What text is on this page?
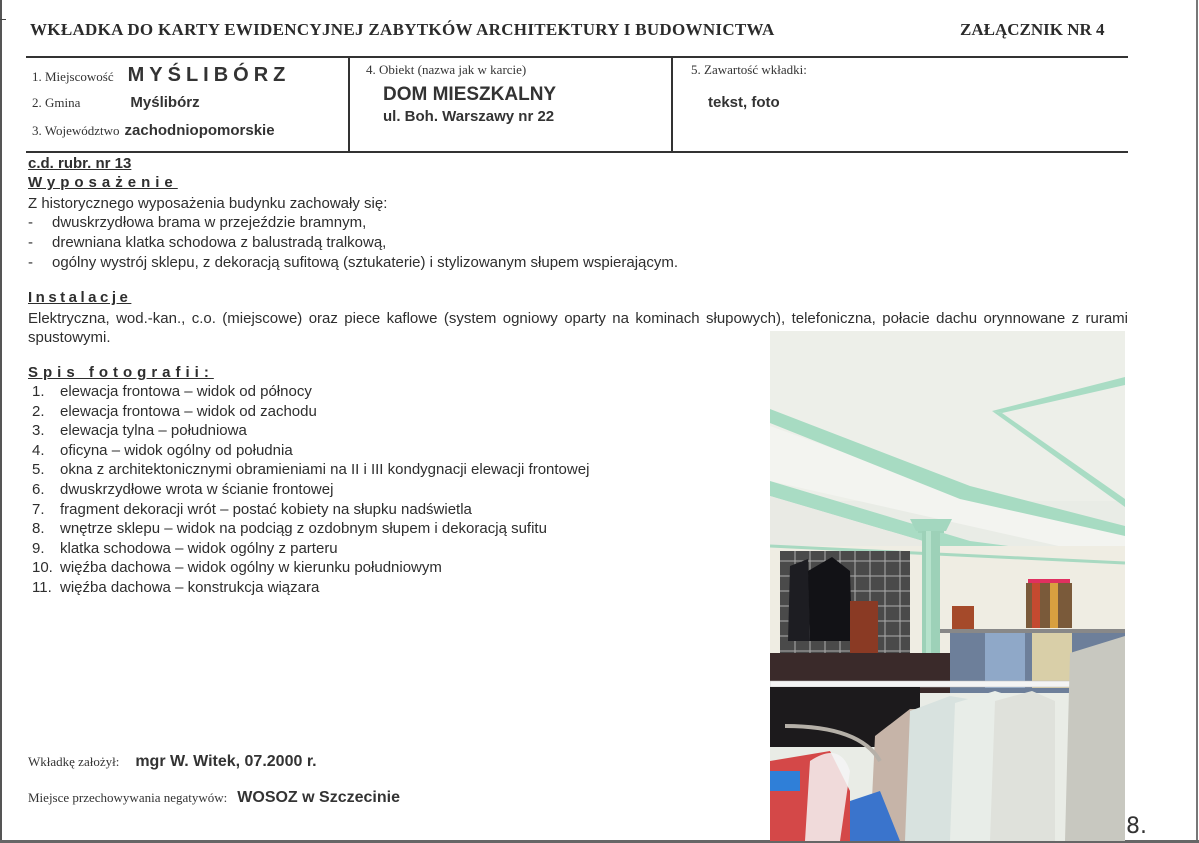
WKŁADKA DO KARTY EWIDENCYJNEJ ZABYTKÓW ARCHITEKTURY I BUDOWNICTWA	ZAŁĄCZNIK NR 4
1. Miejscowość MYŚLIBÓRZ
2. Gmina	Myślibórz
3. Województwo zachodniopomorskie
4. Obiekt (nazwa jak w karcie)
DOM MIESZKALNY
ul. Boh. Warszawy nr 22
5. Zawartość wkładki:
tekst, foto
c.d. rubr. nr 13
Wyposażenie
Z historycznego wyposażenia budynku zachowały się:
-	dwuskrzydłowa brama w przejeździe bramnym,
-	drewniana klatka schodowa z balustradą tralkową,
-	ogólny wystrój sklepu, z dekoracją sufitową (sztukaterie) i stylizowanym słupem wspierającym.
Instalacje
Elektryczna, wod.-kan., c.o. (miejscowe) oraz piece kaflowe (system ogniowy oparty na kominach słupowych), telefoniczna, połacie dachu orynnowane z rurami spustowymi.
Spis fotografii:
1.	elewacja frontowa – widok od północy
2.	elewacja frontowa – widok od zachodu
3.	elewacja tylna – południowa
4.	oficyna – widok ogólny od południa
5.	okna z architektonicznymi obramieniami na II i III kondygnacji elewacji frontowej
6.	dwuskrzydłowe wrota w ścianie frontowej
7.	fragment dekoracji wrót – postać kobiety na słupku nadświetla
8.	wnętrze sklepu – widok na podciąg z ozdobnym słupem i dekoracją sufitu
9.	klatka schodowa – widok ogólny z parteru
10. więźba dachowa – widok ogólny w kierunku południowym
11. więźba dachowa – konstrukcja wiązara
Wkładkę założył: mgr W. Witek, 07.2000 r.
Miejsce przechowywania negatywów: WOSOZ w Szczecinie
8.
